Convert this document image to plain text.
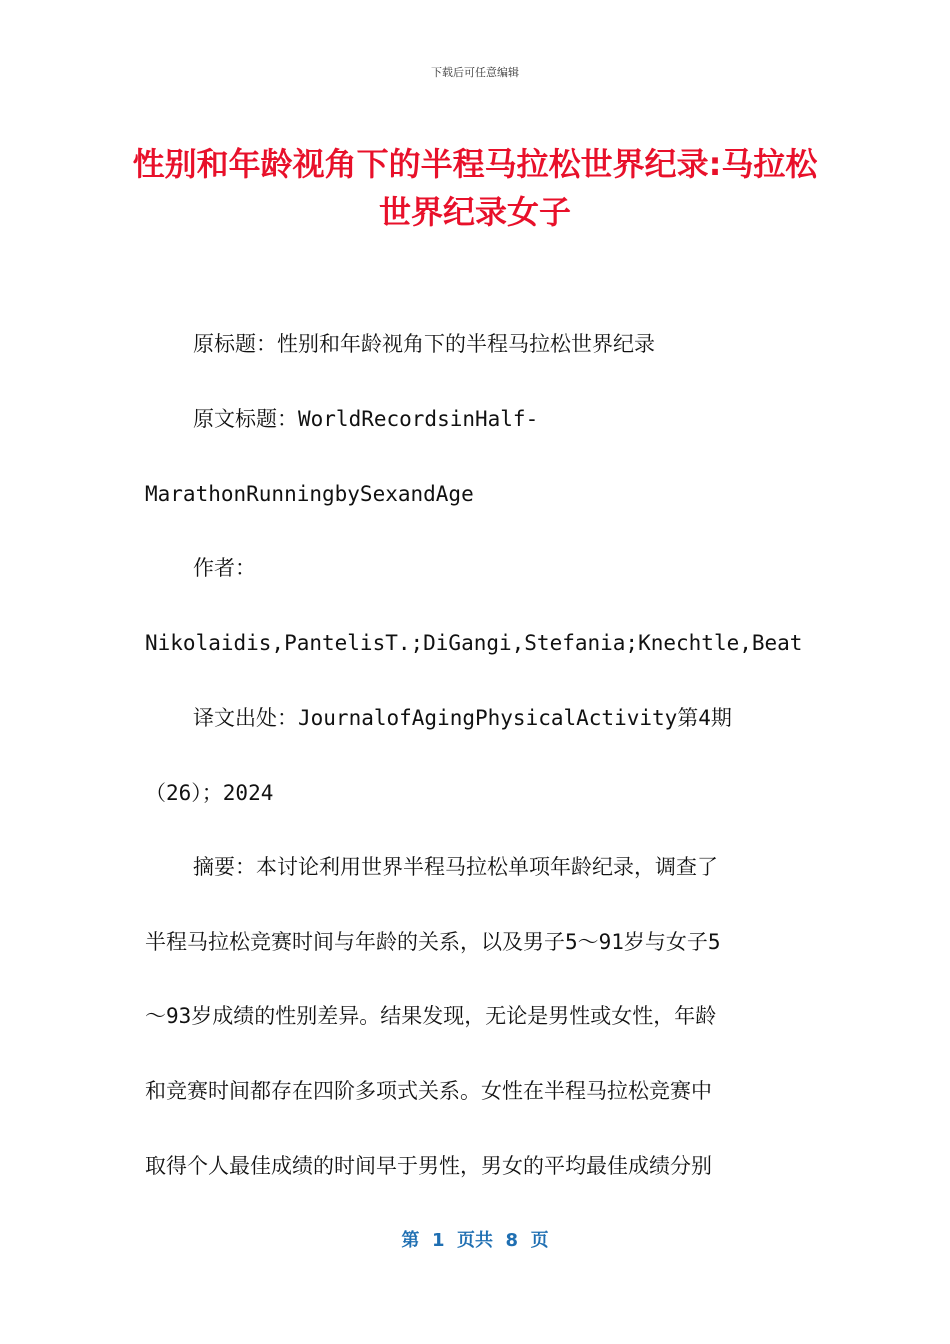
下载后可任意编辑
性别和年龄视角下的半程马拉松世界纪录:马拉松世界纪录女子
原标题：性别和年龄视角下的半程马拉松世界纪录
原文标题：WorldRecordsinHalf-
MarathonRunningbySexandAge
作者：
Nikolaidis,PantelisT.;DiGangi,Stefania;Knechtle,Beat
译文出处：JournalofAgingPhysicalActivity第4期
（26）；2024
摘要：本讨论利用世界半程马拉松单项年龄纪录，调查了
半程马拉松竞赛时间与年龄的关系，以及男子5～91岁与女子5
～93岁成绩的性别差异。结果发现，无论是男性或女性，年龄
和竞赛时间都存在四阶多项式关系。女性在半程马拉松竞赛中
取得个人最佳成绩的时间早于男性，男女的平均最佳成绩分别
第  1  页共  8  页
